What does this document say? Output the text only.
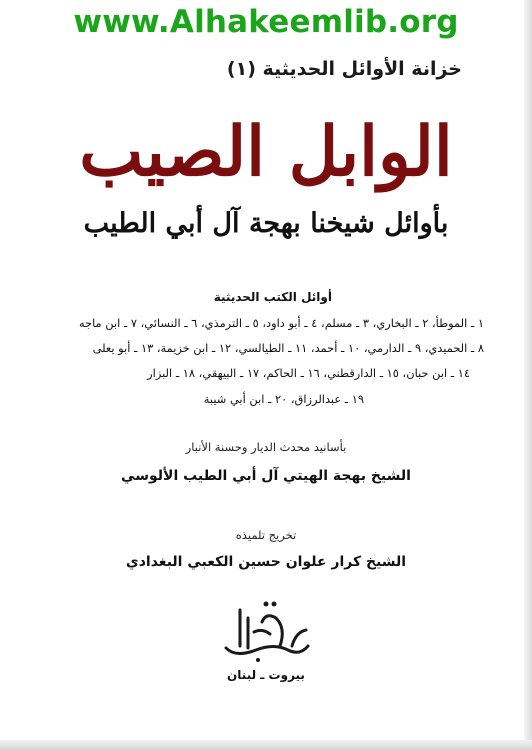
www.Alhakeemlib.org
خزانة الأوائل الحديثية (١)
الوابل الصيب
بأوائل شيخنا بهجة آل أبي الطيب
أوائل الكتب الحديثية
١ ـ الموطأ، ٢ ـ البخاري، ٣ ـ مسلم، ٤ ـ أبو داود، ٥ ـ الترمذي، ٦ ـ النسائي، ٧ ـ ابن ماجه
٨ ـ الحميدي، ٩ ـ الدارمي، ١٠ ـ أحمد، ١١ ـ الطيالسي، ١٢ ـ ابن خزيمة، ١٣ ـ أبو يعلى
١٤ ـ ابن حبان، ١٥ ـ الدارقطني، ١٦ ـ الحاكم، ١٧ ـ البيهقي، ١٨ ـ البزار
١٩ ـ عبدالرزاق، ٢٠ ـ ابن أبي شيبة
بأسانيد محدث الديار وحسنة الأنبار
الشيخ بهجة الهيتي آل أبي الطيب الألوسي
تخريج تلميذه
الشيخ كرار علوان حسين الكعبي البغدادي
بيروت ـ لبنان
